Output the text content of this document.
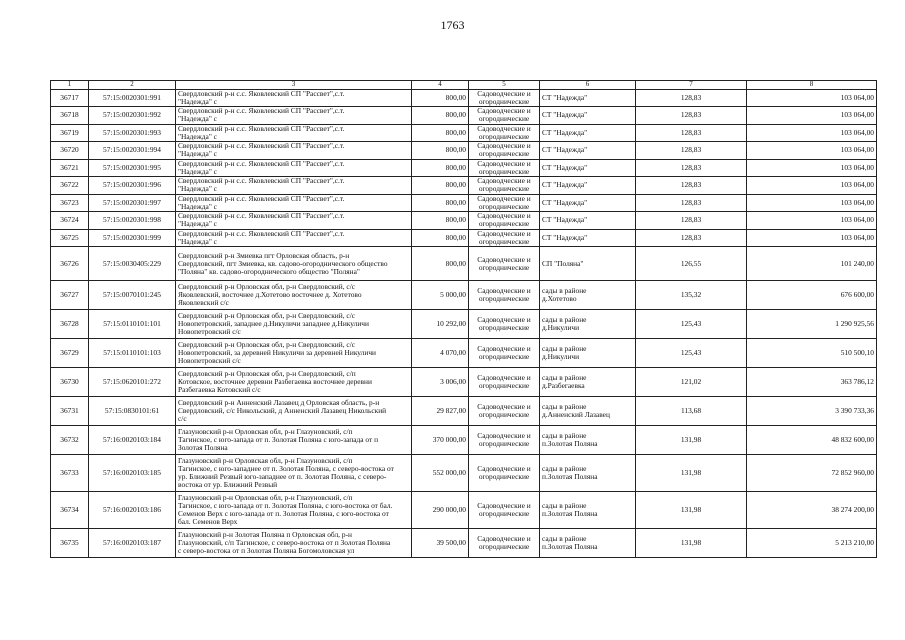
1763
1	2	3	4	5	6	7	8
36717	57:15:0020301:991	Свердловский р-н с.с. Яковлевский СП "Рассвет",с.т.
"Надежда" с	800,00	Садоводческие и
огороднические	СТ "Надежда"	128,83	103 064,00
36718	57:15:0020301:992	Свердловский р-н с.с. Яковлевский СП "Рассвет",с.т.
"Надежда" с	800,00	Садоводческие и
огороднические	СТ "Надежда"	128,83	103 064,00
36719	57:15:0020301:993	Свердловский р-н с.с. Яковлевский СП "Рассвет",с.т.
"Надежда" с	800,00	Садоводческие и
огороднические	СТ "Надежда"	128,83	103 064,00
36720	57:15:0020301:994	Свердловский р-н с.с. Яковлевский СП "Рассвет",с.т.
"Надежда" с	800,00	Садоводческие и
огороднические	СТ "Надежда"	128,83	103 064,00
36721	57:15:0020301:995	Свердловский р-н с.с. Яковлевский СП "Рассвет",с.т.
"Надежда" с	800,00	Садоводческие и
огороднические	СТ "Надежда"	128,83	103 064,00
36722	57:15:0020301:996	Свердловский р-н с.с. Яковлевский СП "Рассвет",с.т.
"Надежда" с	800,00	Садоводческие и
огороднические	СТ "Надежда"	128,83	103 064,00
36723	57:15:0020301:997	Свердловский р-н с.с. Яковлевский СП "Рассвет",с.т.
"Надежда" с	800,00	Садоводческие и
огороднические	СТ "Надежда"	128,83	103 064,00
36724	57:15:0020301:998	Свердловский р-н с.с. Яковлевский СП "Рассвет",с.т.
"Надежда" с	800,00	Садоводческие и
огороднические	СТ "Надежда"	128,83	103 064,00
36725	57:15:0020301:999	Свердловский р-н с.с. Яковлевский СП "Рассвет",с.т.
"Надежда" с	800,00	Садоводческие и
огороднические	СТ "Надежда"	128,83	103 064,00
36726	57:15:0030405:229	Свердловский р-н Змиевка пгт Орловская область, р-н
Свердловский, пгт Змиевка, кв. садово-огороднического общество
"Поляна" кв. садово-огороднического общество "Поляна"	800,00	Садоводческие и
огороднические	СП "Поляна"	126,55	101 240,00
36727	57:15:0070101:245	Свердловский р-н Орловская обл, р-н Свердловский, с/с
Яковлевский, восточнее д.Хотетово восточнее д. Хотетово
Яковлевский с/с	5 000,00	Садоводческие и
огороднические	сады в районе
д.Хотетово	135,32	676 600,00
36728	57:15:0110101:101	Свердловский р-н Орловская обл, р-н Свердловский, с/с
Новопетровский, западнее д.Никуличи западнее д.Никуличи
Новопетровский с/с	10 292,00	Садоводческие и
огороднические	сады в районе
д.Никуличи	125,43	1 290 925,56
36729	57:15:0110101:103	Свердловский р-н Орловская обл, р-н Свердловский, с/с
Новопетровский, за деревней Никуличи за деревней Никуличи
Новопетровский с/с	4 070,00	Садоводческие и
огороднические	сады в районе
д.Никуличи	125,43	510 500,10
36730	57:15:0620101:272	Свердловский р-н Орловская обл, р-н Свердловский, с/п
Котовское, восточнее деревни Разбегаевка восточнее деревни
Разбегаевка Котовский с/с	3 006,00	Садоводческие и
огороднические	сады в районе
д.Разбегаевка	121,02	363 786,12
36731	57:15:0830101:61	Свердловский р-н Анненский Лазавец д Орловская область, р-н
Свердловский, с/с Никольский, д Анненский Лазавец Никольский
с/с	29 827,00	Садоводческие и
огороднические	сады в районе
д.Анненский Лазавец	113,68	3 390 733,36
36732	57:16:0020103:184	Глазуновский р-н Орловская обл, р-н Глазуновский, с/п
Тагинское, с юго-запада от п. Золотая Поляна с юго-запада от п
Золотая Поляна	370 000,00	Садоводческие и
огороднические	сады в районе
п.Золотая Поляна	131,98	48 832 600,00
36733	57:16:0020103:185	Глазуновский р-н Орловская обл, р-н Глазуновский, с/п
Тагинское, с юго-западнее от п. Золотая Поляна, с северо-востока от
ур. Ближний Резвый юго-западнее от п. Золотая Поляна, с северо-
востока от ур. Ближний Резвый	552 000,00	Садоводческие и
огороднические	сады в районе
п.Золотая Поляна	131,98	72 852 960,00
36734	57:16:0020103:186	Глазуновский р-н Орловская обл, р-н Глазуновский, с/п
Тагинское, с юго-запада от п. Золотая Поляна, с юго-востока от бал.
Семенов Верх с юго-запада от п. Золотая Поляна, с юго-востока от
бал. Семенов Верх	290 000,00	Садоводческие и
огороднические	сады в районе
п.Золотая Поляна	131,98	38 274 200,00
36735	57:16:0020103:187	Глазуновский р-н Золотая Поляна п Орловская обл, р-н
Глазуновский, с/п Тагинское, с северо-востока от п Золотая Поляна
с северо-востока от п Золотая Поляна Богомоловская ул	39 500,00	Садоводческие и
огороднические	сады в районе
п.Золотая Поляна	131,98	5 213 210,00
